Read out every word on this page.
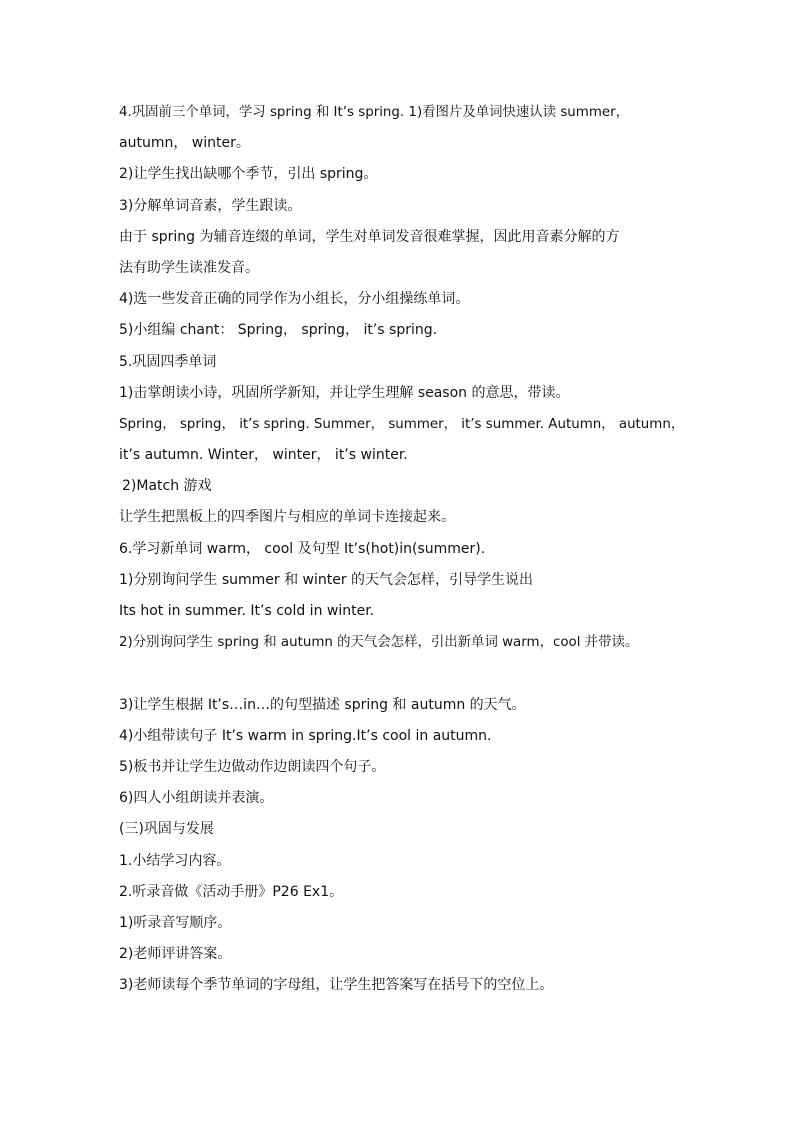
4.巩固前三个单词，学习 spring 和 It’s spring. 1)看图片及单词快速认读 summer，
autumn， winter。
2)让学生找出缺哪个季节，引出 spring。
3)分解单词音素，学生跟读。
由于 spring 为辅音连缀的单词，学生对单词发音很难掌握，因此用音素分解的方
法有助学生读准发音。
4)选一些发音正确的同学作为小组长，分小组操练单词。
5)小组编 chant： Spring， spring， it’s spring.
5.巩固四季单词
1)击掌朗读小诗，巩固所学新知，并让学生理解 season 的意思，带读。
Spring， spring， it’s spring. Summer， summer， it’s summer. Autumn， autumn，
it’s autumn. Winter， winter， it’s winter.
2)Match 游戏
让学生把黑板上的四季图片与相应的单词卡连接起来。
6.学习新单词 warm， cool 及句型 It’s(hot)in(summer).
1)分别询问学生 summer 和 winter 的天气会怎样，引导学生说出
Its hot in summer. It’s cold in winter.
2)分别询问学生 spring 和 autumn 的天气会怎样，引出新单词 warm，cool 并带读。
3)让学生根据 It’s…in…的句型描述 spring 和 autumn 的天气。
4)小组带读句子 It’s warm in spring.It’s cool in autumn.
5)板书并让学生边做动作边朗读四个句子。
6)四人小组朗读并表演。
(三)巩固与发展
1.小结学习内容。
2.听录音做《活动手册》P26 Ex1。
1)听录音写顺序。
2)老师评讲答案。
3)老师读每个季节单词的字母组，让学生把答案写在括号下的空位上。
